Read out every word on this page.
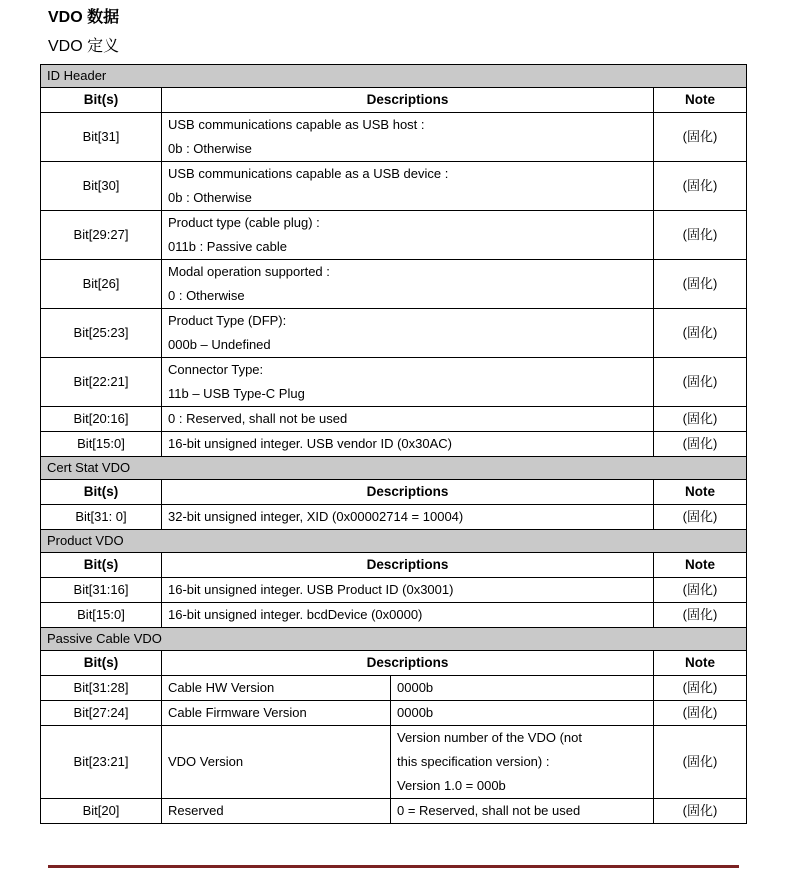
VDO 数据
VDO 定义
ID Header			
Bit(s)	Descriptions		Note
Bit[31]	USB communications capable as USB host :
0b : Otherwise		(固化)
Bit[30]	USB communications capable as a USB device :
0b : Otherwise		(固化)
Bit[29:27]	Product type (cable plug) :
011b : Passive cable		(固化)
Bit[26]	Modal operation supported :
0 : Otherwise		(固化)
Bit[25:23]	Product Type (DFP):
000b – Undefined		(固化)
Bit[22:21]	Connector Type:
11b – USB Type-C Plug		(固化)
Bit[20:16]	0 : Reserved, shall not be used		(固化)
Bit[15:0]	16-bit unsigned integer. USB vendor ID (0x30AC)		(固化)
Cert Stat VDO			
Bit(s)	Descriptions		Note
Bit[31: 0]	32-bit unsigned integer, XID (0x00002714 = 10004)		(固化)
Product VDO			
Bit(s)	Descriptions		Note
Bit[31:16]	16-bit unsigned integer. USB Product ID (0x3001)		(固化)
Bit[15:0]	16-bit unsigned integer. bcdDevice (0x0000)		(固化)
Passive Cable VDO			
Bit(s)	Descriptions		Note
Bit[31:28]	Cable HW Version	0000b	(固化)
Bit[27:24]	Cable Firmware Version	0000b	(固化)
Bit[23:21]	VDO Version	Version number of the VDO (not
this specification version) :
Version 1.0 = 000b	(固化)
Bit[20]	Reserved	0 = Reserved, shall not be used	(固化)
